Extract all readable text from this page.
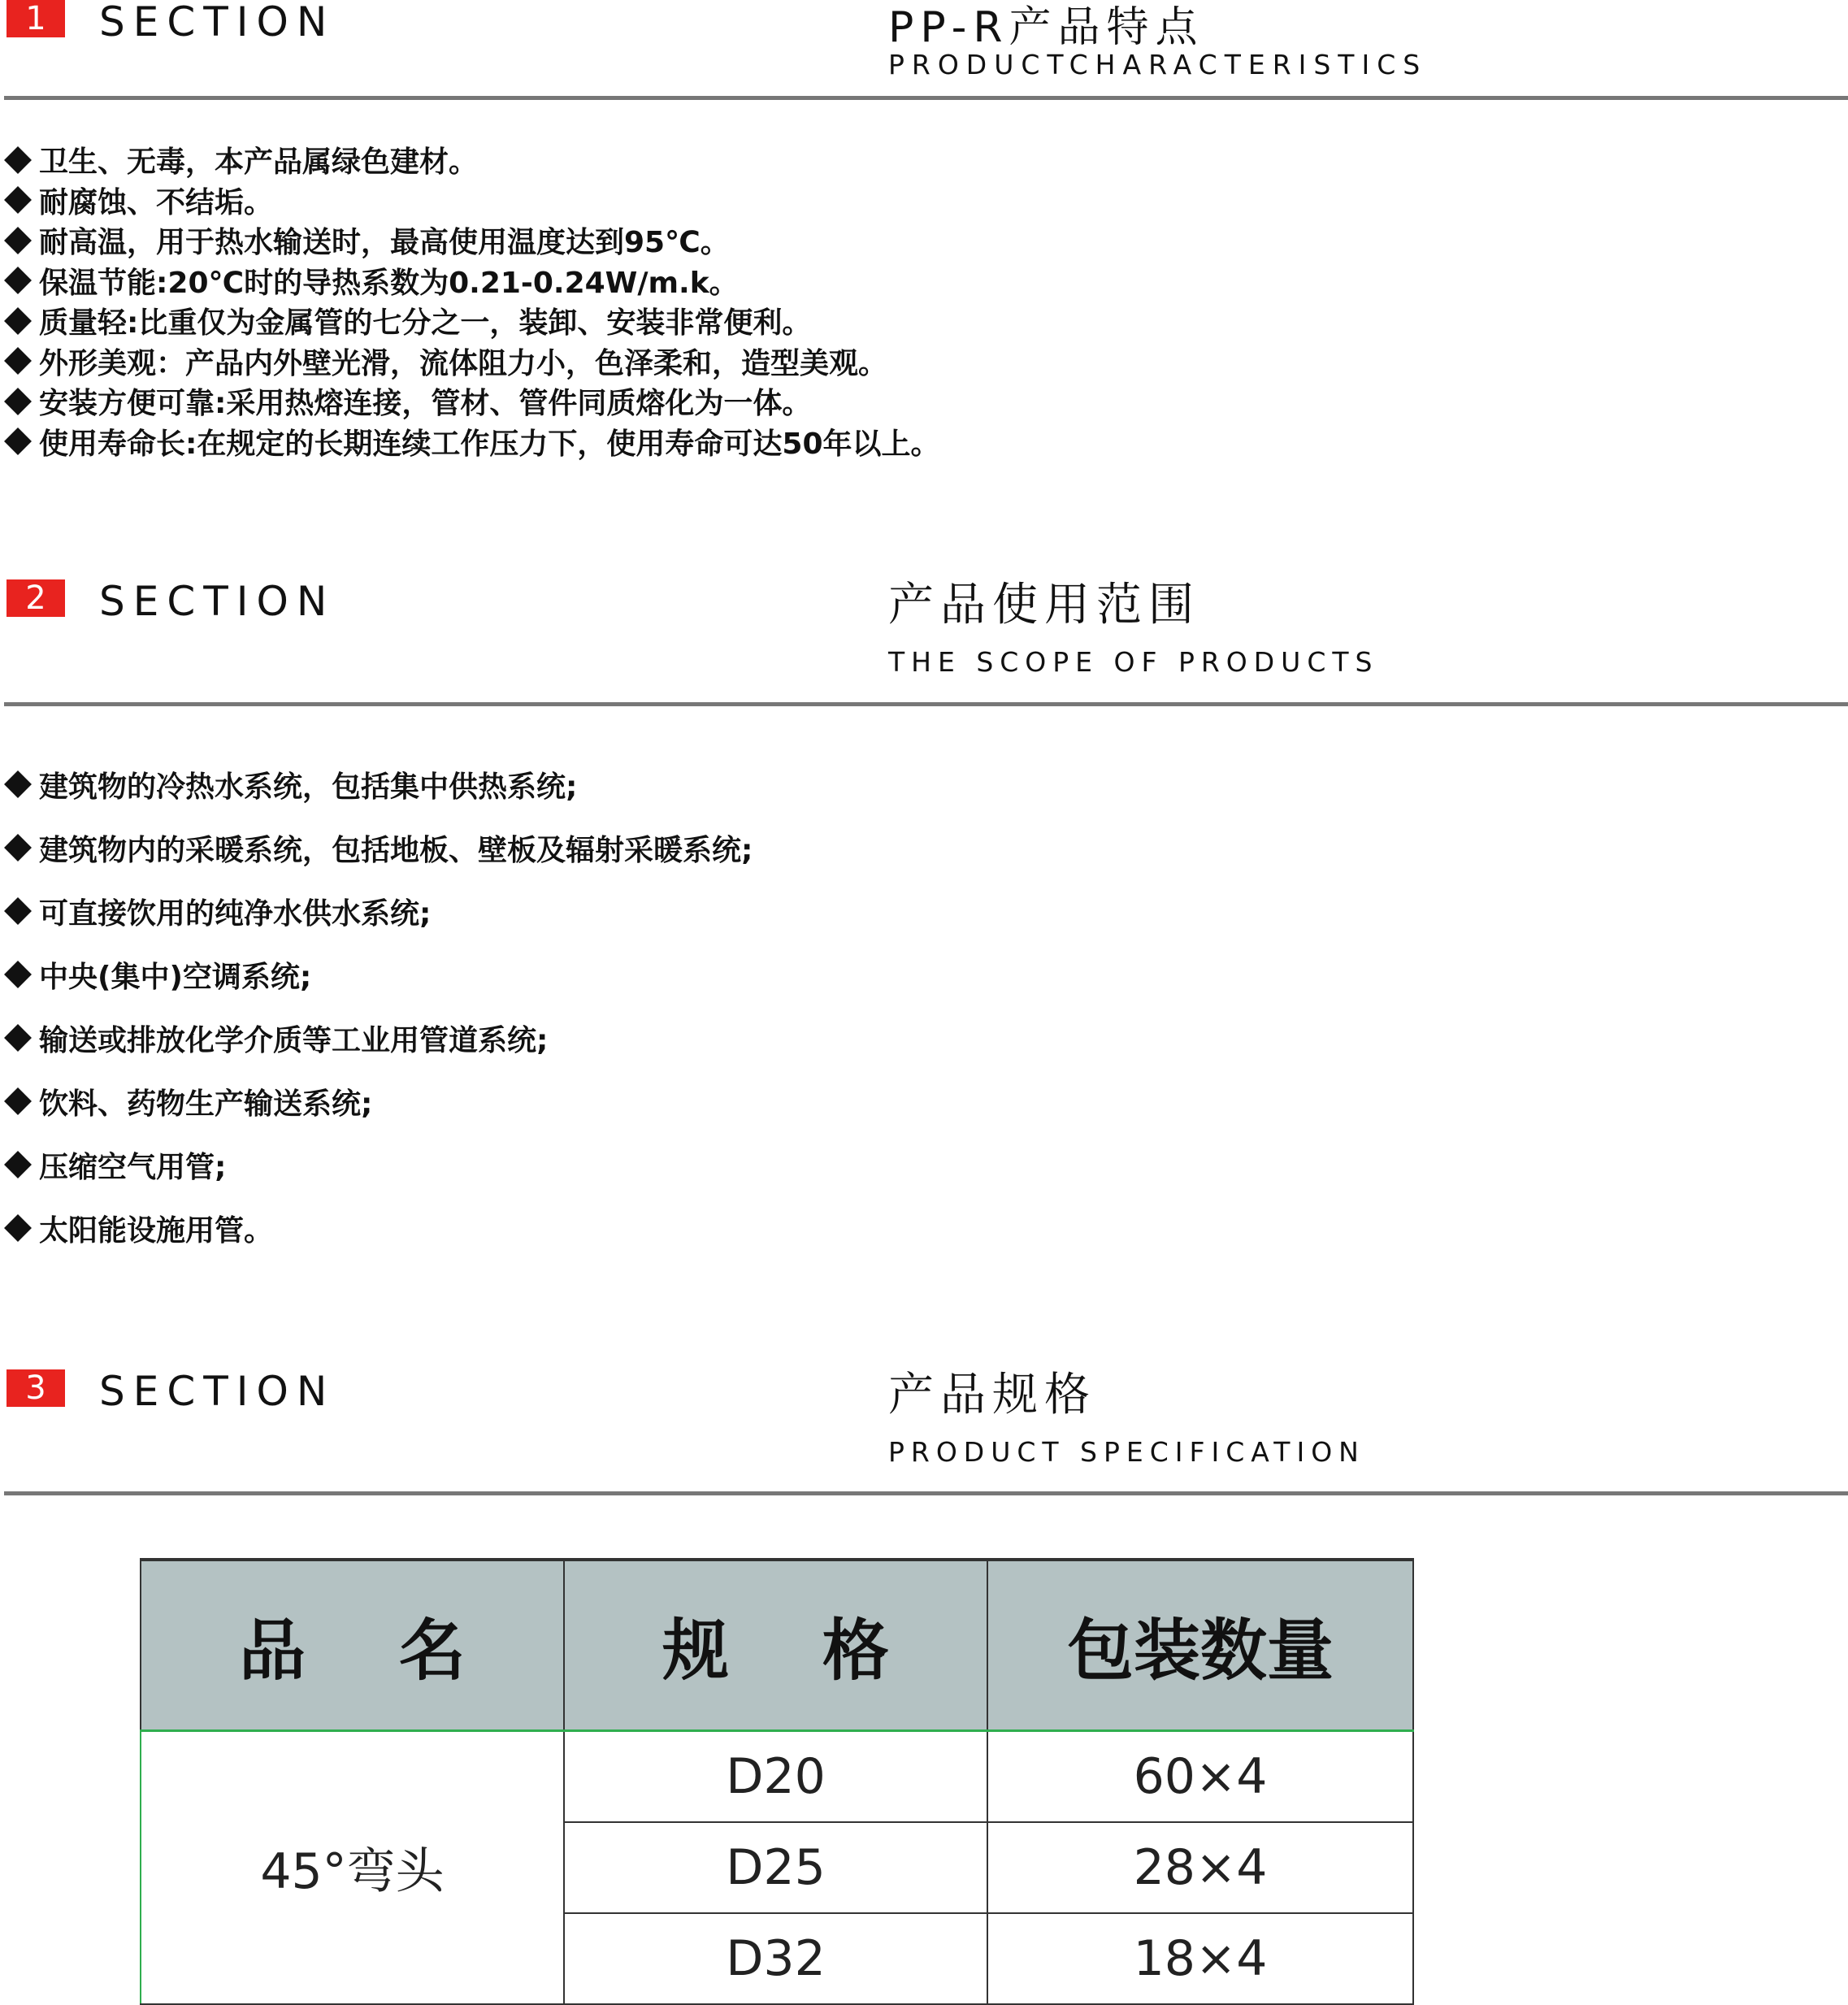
1	SECTION	PP-R产品特点
PRODUCTCHARACTERISTICS
卫生、无毒，本产品属绿色建材。
耐腐蚀、不结垢。
耐高温，用于热水输送时，最高使用温度达到95℃。
保温节能:20℃时的导热系数为0.21-0.24W/m.k。
质量轻:比重仅为金属管的七分之一，装卸、安装非常便利。
外形美观：产品内外壁光滑，流体阻力小，色泽柔和，造型美观。
安装方便可靠:采用热熔连接，管材、管件同质熔化为一体。
使用寿命长:在规定的长期连续工作压力下，使用寿命可达50年以上。
2	SECTION	产品使用范围
THE SCOPE OF PRODUCTS
建筑物的冷热水系统，包括集中供热系统;
建筑物内的采暖系统，包括地板、壁板及辐射采暖系统;
可直接饮用的纯净水供水系统;
中央(集中)空调系统;
输送或排放化学介质等工业用管道系统;
饮料、药物生产输送系统;
压缩空气用管;
太阳能设施用管。
3	SECTION	产品规格
PRODUCT SPECIFICATION
品名	规格	包装数量
45°弯头	D20	60×4
	D25	28×4
	D32	18×4
